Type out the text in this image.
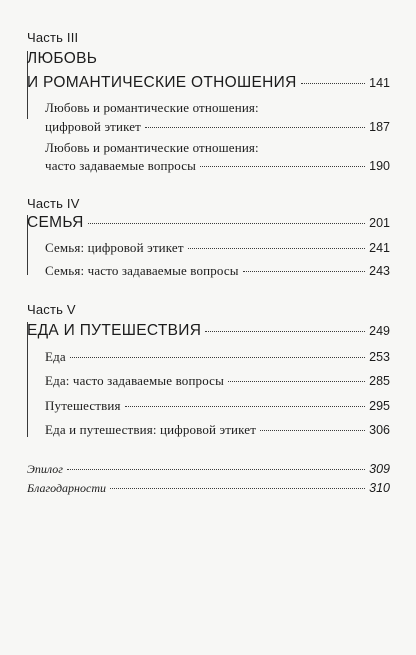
Часть III
ЛЮБОВЬ
И РОМАНТИЧЕСКИЕ ОТНОШЕНИЯ	141
Любовь и романтические отношения:
цифровой этикет	187
Любовь и романтические отношения:
часто задаваемые вопросы	190
Часть IV
СЕМЬЯ	201
Семья: цифровой этикет	241
Семья: часто задаваемые вопросы	243
Часть V
ЕДА И ПУТЕШЕСТВИЯ	249
Еда	253
Еда: часто задаваемые вопросы	285
Путешествия	295
Еда и путешествия: цифровой этикет	306
Эпилог	309
Благодарности	310
